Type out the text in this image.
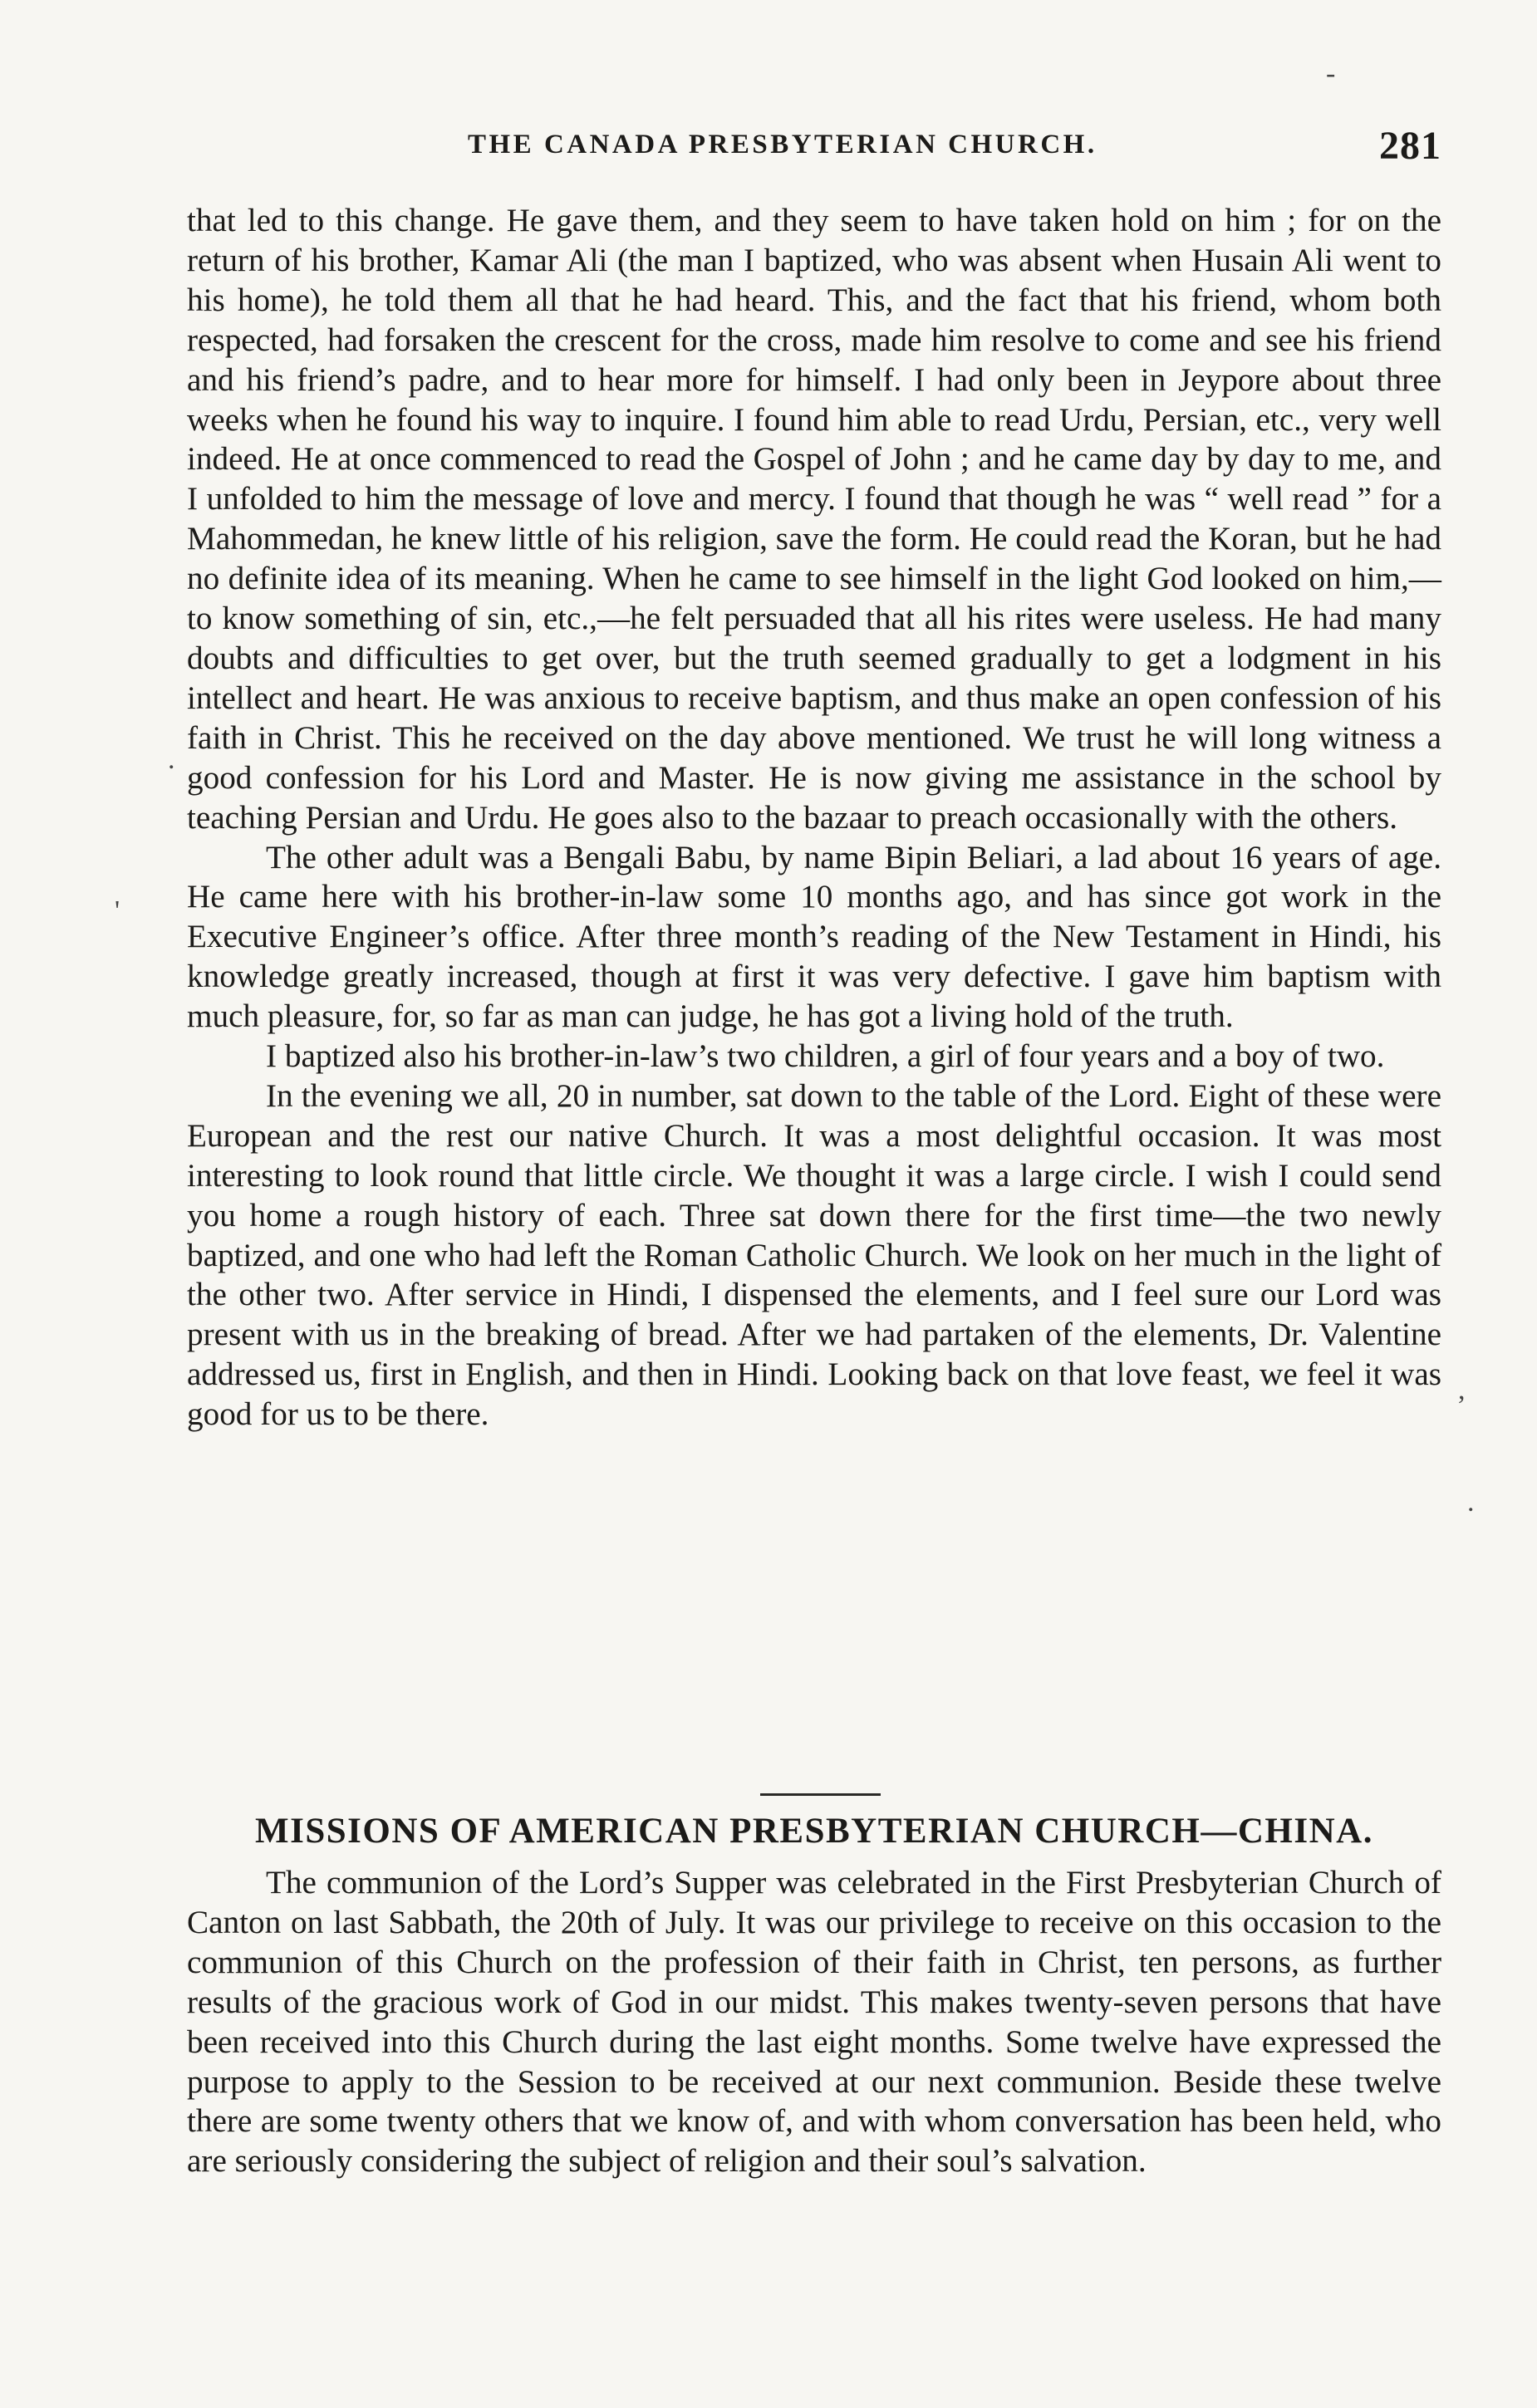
-
THE CANADA PRESBYTERIAN CHURCH.	281

that led to this change. He gave them, and they seem to have taken hold on him ; for on the return of his brother, Kamar Ali (the man I baptized, who was absent when Husain Ali went to his home), he told them all that he had heard. This, and the fact that his friend, whom both respected, had forsaken the crescent for the cross, made him resolve to come and see his friend and his friend’s padre, and to hear more for himself. I had only been in Jeypore about three weeks when he found his way to inquire. I found him able to read Urdu, Persian, etc., very well indeed. He at once commenced to read the Gospel of John ; and he came day by day to me, and I unfolded to him the message of love and mercy. I found that though he was “ well read ” for a Mahommedan, he knew little of his religion, save the form. He could read the Koran, but he had no definite idea of its meaning. When he came to see himself in the light God looked on him,—to know something of sin, etc.,—he felt persuaded that all his rites were useless. He had many doubts and difficulties to get over, but the truth seemed gradually to get a lodgment in his intellect and heart. He was anxious to receive baptism, and thus make an open confession of his faith in Christ. This he received on the day above mentioned. We trust he will long witness a good confession for his Lord and Master. He is now giving me assistance in the school by teaching Persian and Urdu. He goes also to the bazaar to preach occasionally with the others.

The other adult was a Bengali Babu, by name Bipin Beliari, a lad about 16 years of age. He came here with his brother-in-law some 10 months ago, and has since got work in the Executive Engineer’s office. After three month’s reading of the New Testament in Hindi, his knowledge greatly increased, though at first it was very defective. I gave him baptism with much pleasure, for, so far as man can judge, he has got a living hold of the truth.

I baptized also his brother-in-law’s two children, a girl of four years and a boy of two.

In the evening we all, 20 in number, sat down to the table of the Lord. Eight of these were European and the rest our native Church. It was a most delightful occasion. It was most interesting to look round that little circle. We thought it was a large circle. I wish I could send you home a rough history of each. Three sat down there for the first time—the two newly baptized, and one who had left the Roman Catholic Church. We look on her much in the light of the other two. After service in Hindi, I dispensed the elements, and I feel sure our Lord was present with us in the breaking of bread. After we had partaken of the elements, Dr. Valentine addressed us, first in English, and then in Hindi. Looking back on that love feast, we feel it was good for us to be there.

.
'
,
.
MISSIONS OF AMERICAN PRESBYTERIAN CHURCH—CHINA.

The communion of the Lord’s Supper was celebrated in the First Presbyterian Church of Canton on last Sabbath, the 20th of July. It was our privilege to receive on this occasion to the communion of this Church on the profession of their faith in Christ, ten persons, as further results of the gracious work of God in our midst. This makes twenty-seven persons that have been received into this Church during the last eight months. Some twelve have expressed the purpose to apply to the Session to be received at our next communion. Beside these twelve there are some twenty others that we know of, and with whom conversation has been held, who are seriously considering the subject of religion and their soul’s salvation.
